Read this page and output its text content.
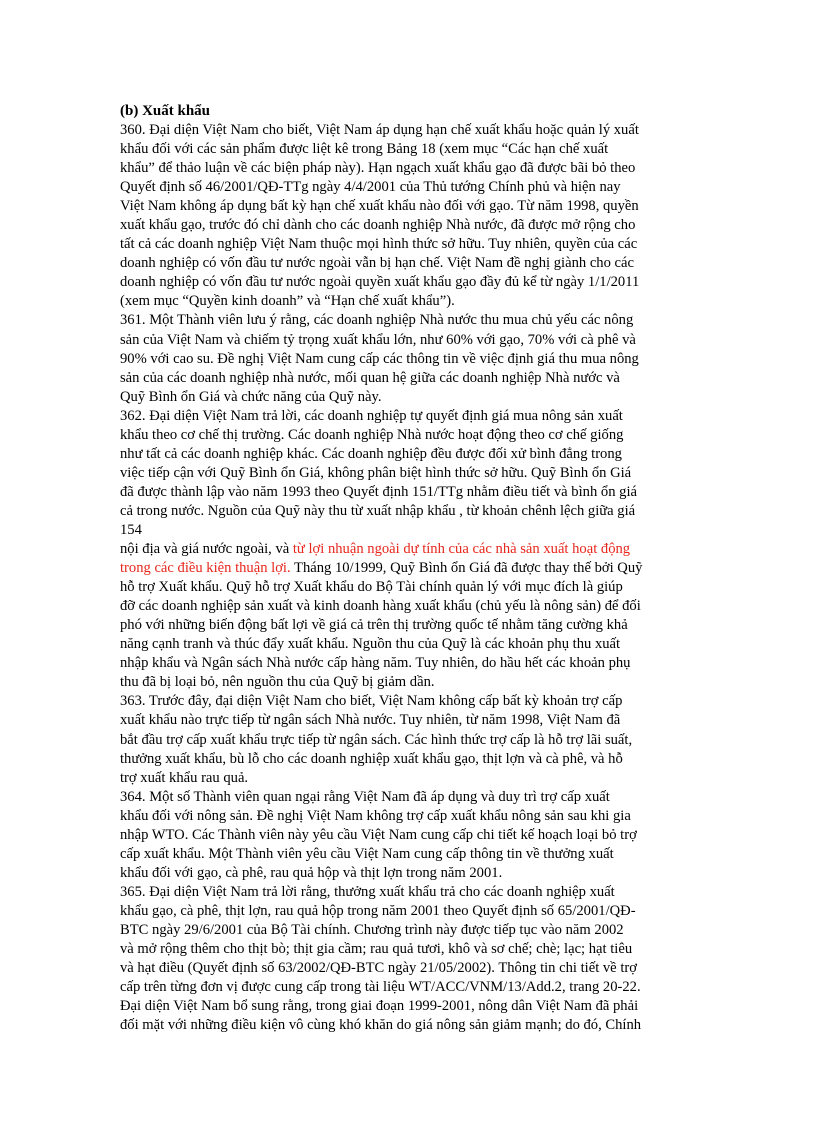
(b) Xuất khẩu
360. Đại diện Việt Nam cho biết, Việt Nam áp dụng hạn chế xuất khẩu hoặc quản lý xuất
khẩu đối với các sản phẩm được liệt kê trong Bảng 18 (xem mục “Các hạn chế xuất
khẩu” để thảo luận về các biện pháp này). Hạn ngạch xuất khẩu gạo đã được bãi bỏ theo
Quyết định số 46/2001/QĐ-TTg ngày 4/4/2001 của Thủ tướng Chính phủ và hiện nay
Việt Nam không áp dụng bất kỳ hạn chế xuất khẩu nào đối với gạo. Từ năm 1998, quyền
xuất khẩu gạo, trước đó chỉ dành cho các doanh nghiệp Nhà nước, đã được mở rộng cho
tất cả các doanh nghiệp Việt Nam thuộc mọi hình thức sở hữu. Tuy nhiên, quyền của các
doanh nghiệp có vốn đầu tư nước ngoài vẫn bị hạn chế. Việt Nam đề nghị giành cho các
doanh nghiệp có vốn đầu tư nước ngoài quyền xuất khẩu gạo đầy đủ kể từ ngày 1/1/2011
(xem mục “Quyền kinh doanh” và “Hạn chế xuất khẩu”).
361. Một Thành viên lưu ý rằng, các doanh nghiệp Nhà nước thu mua chủ yếu các nông
sản của Việt Nam và chiếm tỷ trọng xuất khẩu lớn, như 60% với gạo, 70% với cà phê và
90% với cao su. Đề nghị Việt Nam cung cấp các thông tin về việc định giá thu mua nông
sản của các doanh nghiệp nhà nước, mối quan hệ giữa các doanh nghiệp Nhà nước và
Quỹ Bình ổn Giá và chức năng của Quỹ này.
362. Đại diện Việt Nam trả lời, các doanh nghiệp tự quyết định giá mua nông sản xuất
khẩu theo cơ chế thị trường. Các doanh nghiệp Nhà nước hoạt động theo cơ chế giống
như tất cả các doanh nghiệp khác. Các doanh nghiệp đều được đối xử bình đẳng trong
việc tiếp cận với Quỹ Bình ổn Giá, không phân biệt hình thức sở hữu. Quỹ Bình ổn Giá
đã được thành lập vào năm 1993 theo Quyết định 151/TTg nhằm điều tiết và bình ổn giá
cả trong nước. Nguồn của Quỹ này thu từ xuất nhập khẩu , từ khoản chênh lệch giữa giá
154
nội địa và giá nước ngoài, và từ lợi nhuận ngoài dự tính của các nhà sản xuất hoạt động
trong các điều kiện thuận lợi. Tháng 10/1999, Quỹ Bình ổn Giá đã được thay thế bởi Quỹ
hỗ trợ Xuất khẩu. Quỹ hỗ trợ Xuất khẩu do Bộ Tài chính quản lý với mục đích là giúp
đỡ các doanh nghiệp sản xuất và kinh doanh hàng xuất khẩu (chủ yếu là nông sản) để đối
phó với những biến động bất lợi về giá cả trên thị trường quốc tế nhằm tăng cường khả
năng cạnh tranh và thúc đẩy xuất khẩu. Nguồn thu của Quỹ là các khoản phụ thu xuất
nhập khẩu và Ngân sách Nhà nước cấp hàng năm. Tuy nhiên, do hầu hết các khoản phụ
thu đã bị loại bỏ, nên nguồn thu của Quỹ bị giảm dần.
363. Trước đây, đại diện Việt Nam cho biết, Việt Nam không cấp bất kỳ khoản trợ cấp
xuất khẩu nào trực tiếp từ ngân sách Nhà nước. Tuy nhiên, từ năm 1998, Việt Nam đã
bắt đầu trợ cấp xuất khẩu trực tiếp từ ngân sách. Các hình thức trợ cấp là hỗ trợ lãi suất,
thưởng xuất khẩu, bù lỗ cho các doanh nghiệp xuất khẩu gạo, thịt lợn và cà phê, và hỗ
trợ xuất khẩu rau quả.
364. Một số Thành viên quan ngại rằng Việt Nam đã áp dụng và duy trì trợ cấp xuất
khẩu đối với nông sản. Đề nghị Việt Nam không trợ cấp xuất khẩu nông sản sau khi gia
nhập WTO. Các Thành viên này yêu cầu Việt Nam cung cấp chi tiết kế hoạch loại bỏ trợ
cấp xuất khẩu. Một Thành viên yêu cầu Việt Nam cung cấp thông tin về thưởng xuất
khẩu đối với gạo, cà phê, rau quả hộp và thịt lợn trong năm 2001.
365. Đại diện Việt Nam trả lời rằng, thưởng xuất khẩu trả cho các doanh nghiệp xuất
khẩu gạo, cà phê, thịt lợn, rau quả hộp trong năm 2001 theo Quyết định số 65/2001/QĐ-
BTC ngày 29/6/2001 của Bộ Tài chính. Chương trình này được tiếp tục vào năm 2002
và mở rộng thêm cho thịt bò; thịt gia cầm; rau quả tươi, khô và sơ chế; chè; lạc; hạt tiêu
và hạt điều (Quyết định số 63/2002/QĐ-BTC ngày 21/05/2002). Thông tin chi tiết về trợ
cấp trên từng đơn vị được cung cấp trong tài liệu WT/ACC/VNM/13/Add.2, trang 20-22.
Đại diện Việt Nam bổ sung rằng, trong giai đoạn 1999-2001, nông dân Việt Nam đã phải
đối mặt với những điều kiện vô cùng khó khăn do giá nông sản giảm mạnh; do đó, Chính
